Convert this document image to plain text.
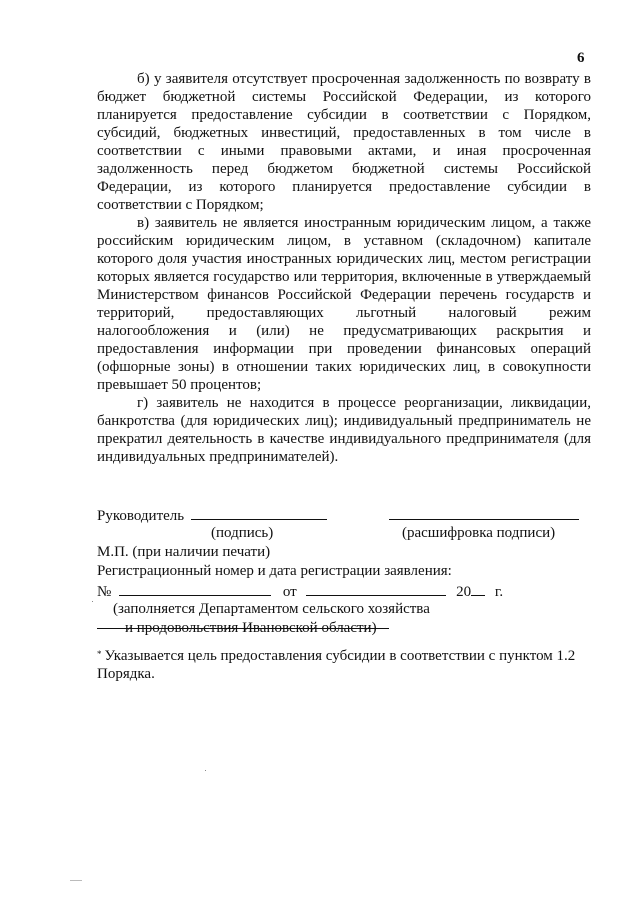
6

б) у заявителя отсутствует просроченная задолженность по возврату в бюджет бюджетной системы Российской Федерации, из которого планируется предоставление субсидии в соответствии с Порядком, субсидий, бюджетных инвестиций, предоставленных в том числе в соответствии с иными правовыми актами, и иная просроченная задолженность перед бюджетом бюджетной системы Российской Федерации, из которого планируется предоставление субсидии в соответствии с Порядком;

в) заявитель не является иностранным юридическим лицом, а также российским юридическим лицом, в уставном (складочном) капитале которого доля участия иностранных юридических лиц, местом регистрации которых является государство или территория, включенные в утверждаемый Министерством финансов Российской Федерации перечень государств и территорий, предоставляющих льготный налоговый режим налогообложения и (или) не предусматривающих раскрытия и предоставления информации при проведении финансовых операций (офшорные зоны) в отношении таких юридических лиц, в совокупности превышает 50 процентов;

г) заявитель не находится в процессе реорганизации, ликвидации, банкротства (для юридических лиц); индивидуальный предприниматель не прекратил деятельность в качестве индивидуального предпринимателя (для индивидуальных предпринимателей).

Руководитель
(подпись)	(расшифровка подписи)
М.П. (при наличии печати)
Регистрационный номер и дата регистрации заявления:
№	от	20 г.
(заполняется Департаментом сельского хозяйства
и продовольствия Ивановской области)
* Указывается цель предоставления субсидии в соответствии с пунктом 1.2 Порядка.
